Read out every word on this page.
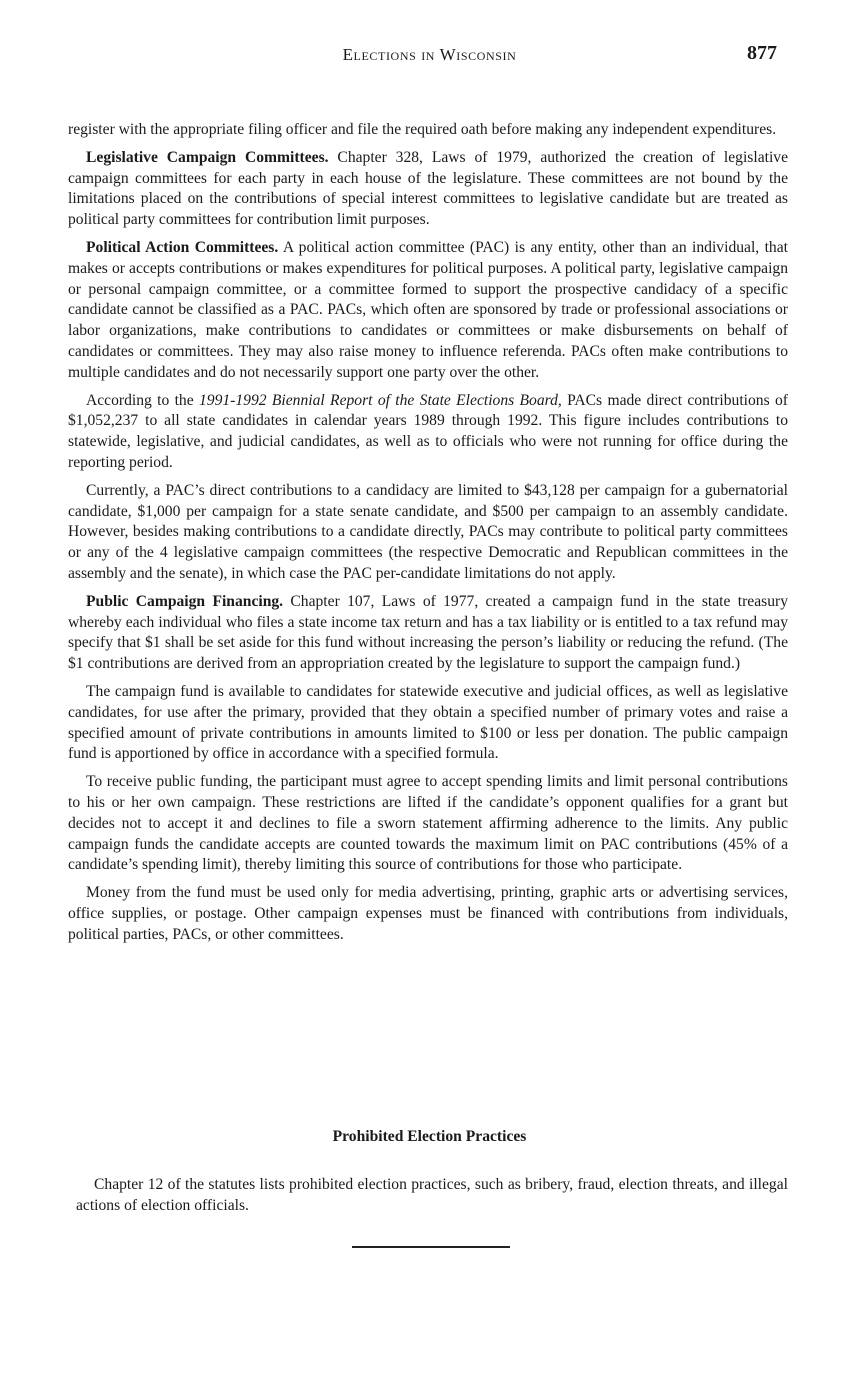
Elections in Wisconsin	877

register with the appropriate filing officer and file the required oath before making any independent expenditures.

Legislative Campaign Committees. Chapter 328, Laws of 1979, authorized the creation of legislative campaign committees for each party in each house of the legislature. These committees are not bound by the limitations placed on the contributions of special interest committees to legislative candidate but are treated as political party committees for contribution limit purposes.

Political Action Committees. A political action committee (PAC) is any entity, other than an individual, that makes or accepts contributions or makes expenditures for political purposes. A political party, legislative campaign or personal campaign committee, or a committee formed to support the prospective candidacy of a specific candidate cannot be classified as a PAC. PACs, which often are sponsored by trade or professional associations or labor organizations, make contributions to candidates or committees or make disbursements on behalf of candidates or committees. They may also raise money to influence referenda. PACs often make contributions to multiple candidates and do not necessarily support one party over the other.

According to the 1991-1992 Biennial Report of the State Elections Board, PACs made direct contributions of $1,052,237 to all state candidates in calendar years 1989 through 1992. This figure includes contributions to statewide, legislative, and judicial candidates, as well as to officials who were not running for office during the reporting period.

Currently, a PAC’s direct contributions to a candidacy are limited to $43,128 per campaign for a gubernatorial candidate, $1,000 per campaign for a state senate candidate, and $500 per campaign to an assembly candidate. However, besides making contributions to a candidate directly, PACs may contribute to political party committees or any of the 4 legislative campaign committees (the respective Democratic and Republican committees in the assembly and the senate), in which case the PAC per-candidate limitations do not apply.

Public Campaign Financing. Chapter 107, Laws of 1977, created a campaign fund in the state treasury whereby each individual who files a state income tax return and has a tax liability or is entitled to a tax refund may specify that $1 shall be set aside for this fund without increasing the person’s liability or reducing the refund. (The $1 contributions are derived from an appropriation created by the legislature to support the campaign fund.)

The campaign fund is available to candidates for statewide executive and judicial offices, as well as legislative candidates, for use after the primary, provided that they obtain a specified number of primary votes and raise a specified amount of private contributions in amounts limited to $100 or less per donation. The public campaign fund is apportioned by office in accordance with a specified formula.

To receive public funding, the participant must agree to accept spending limits and limit personal contributions to his or her own campaign. These restrictions are lifted if the candidate’s opponent qualifies for a grant but decides not to accept it and declines to file a sworn statement affirming adherence to the limits. Any public campaign funds the candidate accepts are counted towards the maximum limit on PAC contributions (45% of a candidate’s spending limit), thereby limiting this source of contributions for those who participate.

Money from the fund must be used only for media advertising, printing, graphic arts or advertising services, office supplies, or postage. Other campaign expenses must be financed with contributions from individuals, political parties, PACs, or other committees.

Prohibited Election Practices

Chapter 12 of the statutes lists prohibited election practices, such as bribery, fraud, election threats, and illegal actions of election officials.
